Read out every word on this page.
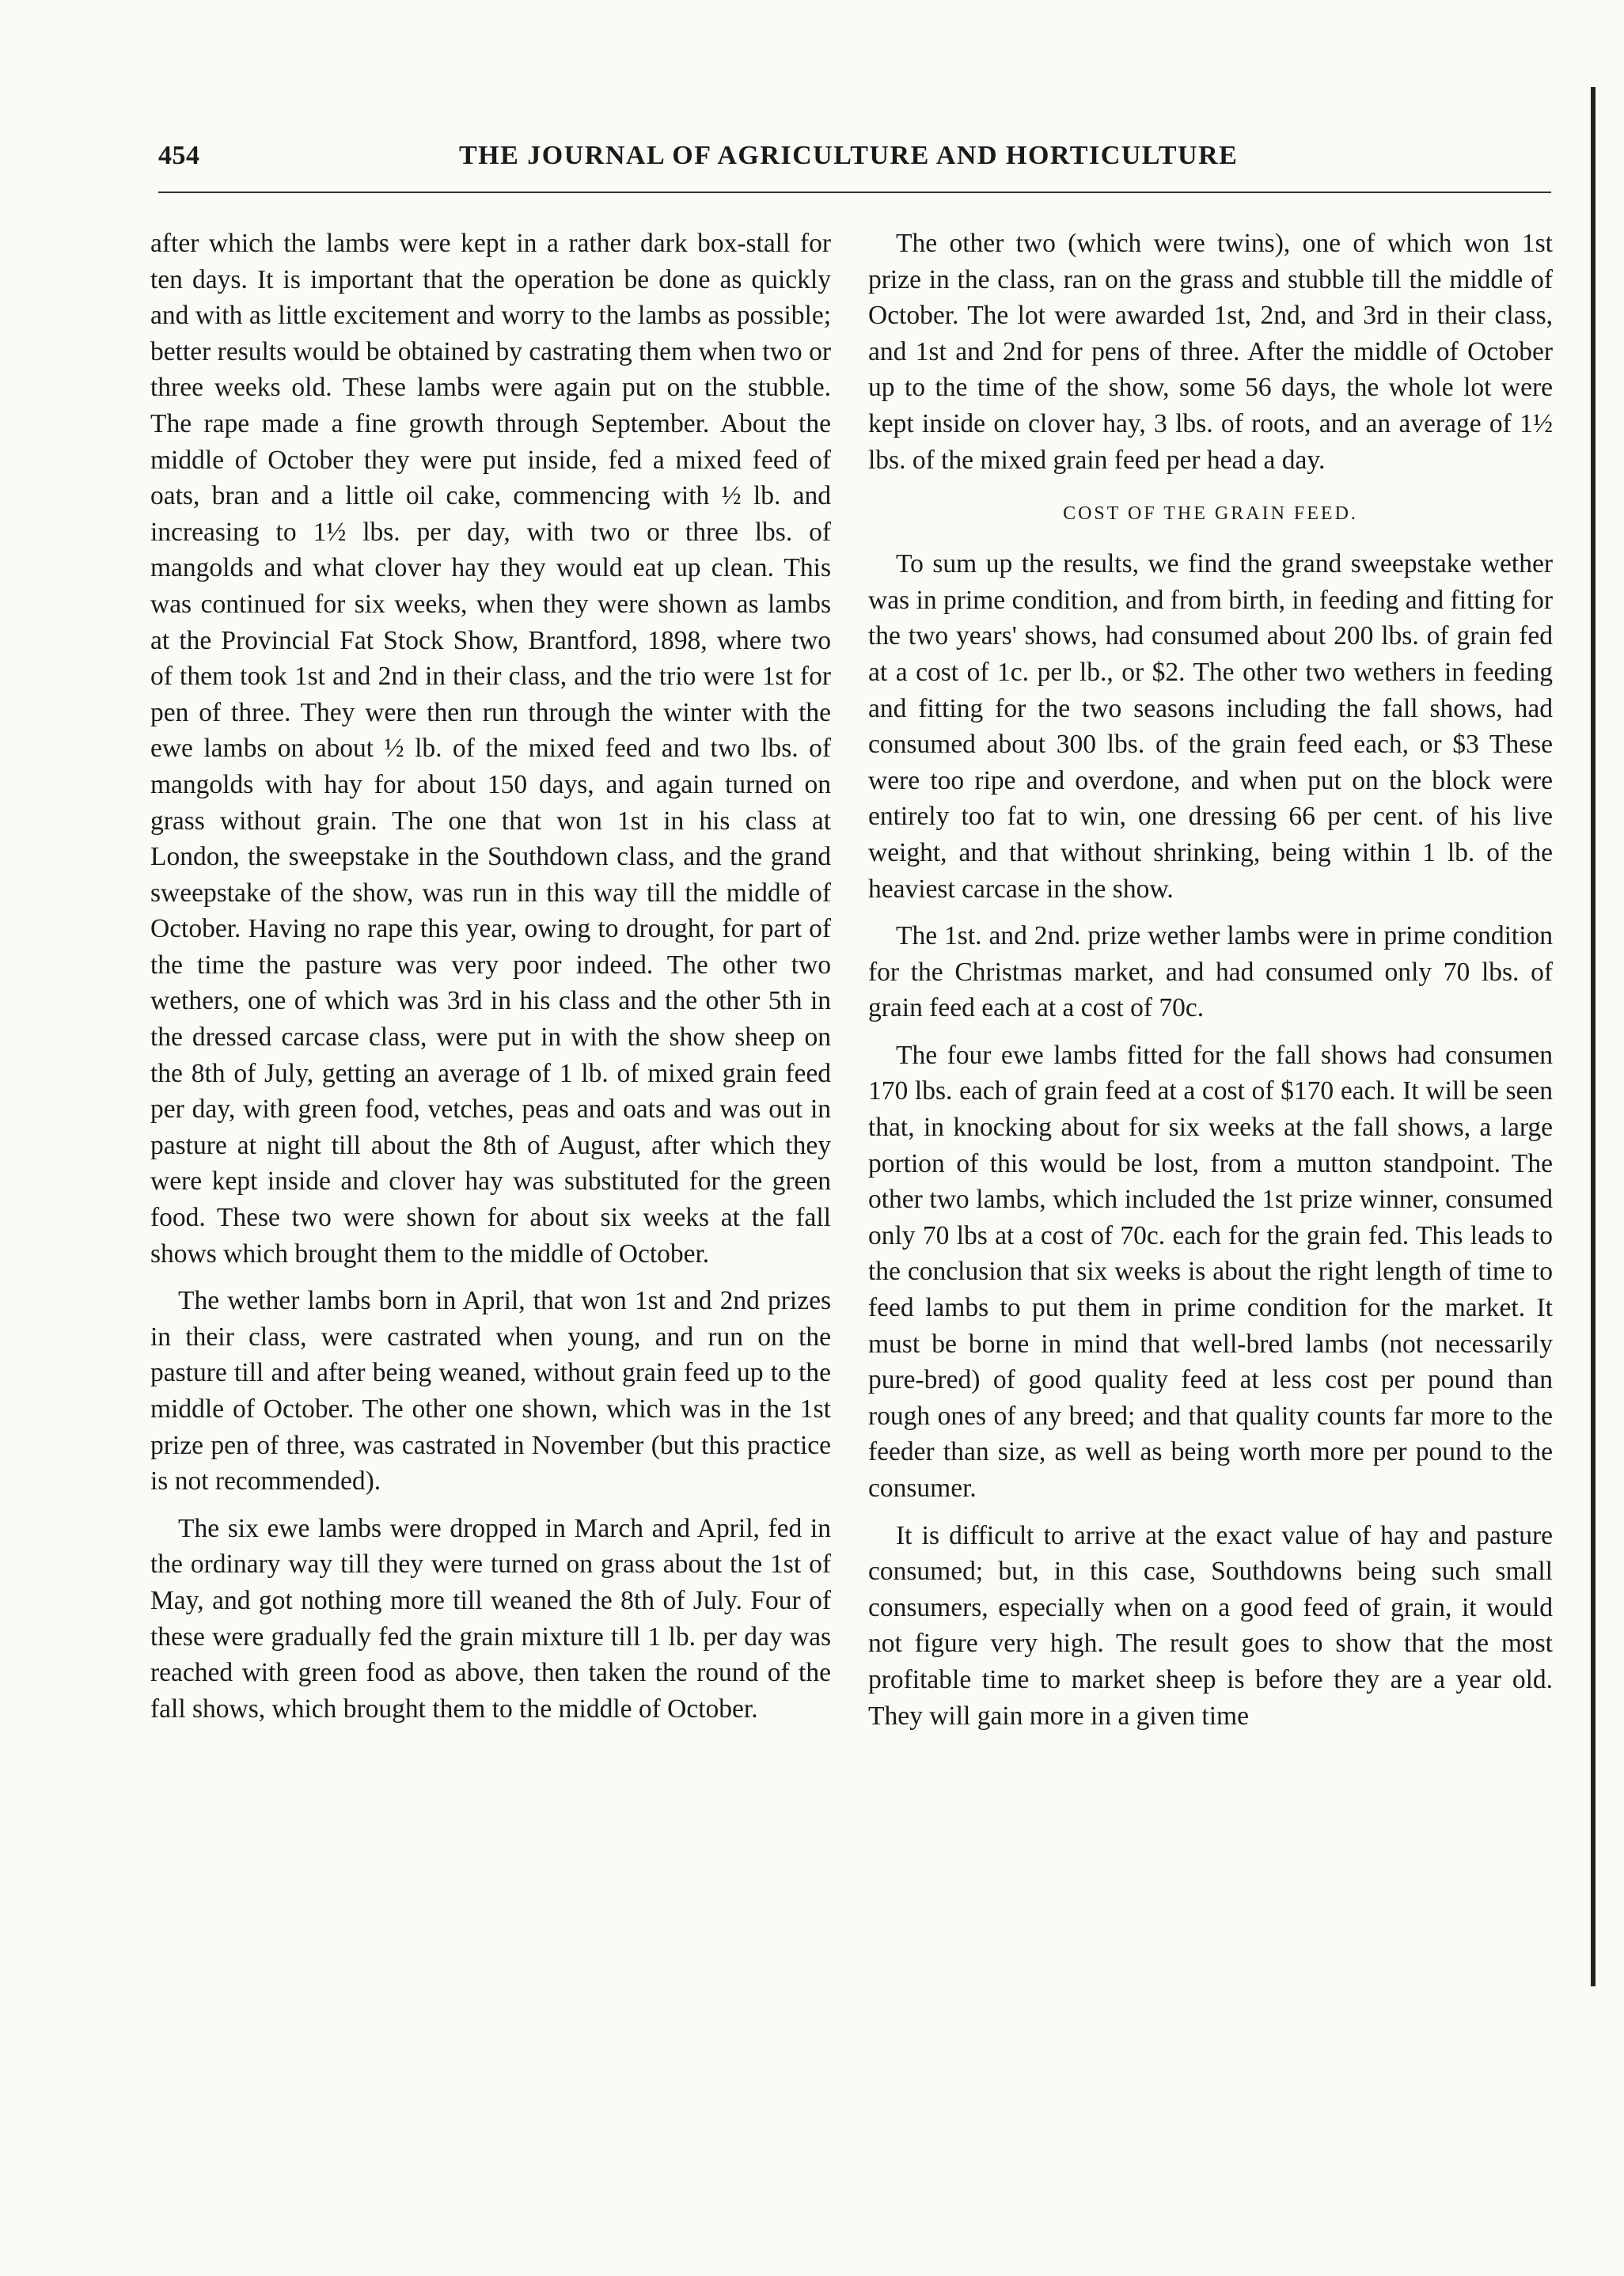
454	THE JOURNAL OF AGRICULTURE AND HORTICULTURE

after which the lambs were kept in a rather dark box-stall for ten days. It is important that the operation be done as quickly and with as little excitement and worry to the lambs as possible; better results would be obtained by castrating them when two or three weeks old. These lambs were again put on the stubble. The rape made a fine growth through September. About the middle of October they were put inside, fed a mixed feed of oats, bran and a little oil cake, commencing with ½ lb. and increasing to 1½ lbs. per day, with two or three lbs. of mangolds and what clover hay they would eat up clean. This was continued for six weeks, when they were shown as lambs at the Provincial Fat Stock Show, Brantford, 1898, where two of them took 1st and 2nd in their class, and the trio were 1st for pen of three. They were then run through the winter with the ewe lambs on about ½ lb. of the mixed feed and two lbs. of mangolds with hay for about 150 days, and again turned on grass without grain. The one that won 1st in his class at London, the sweepstake in the Southdown class, and the grand sweepstake of the show, was run in this way till the middle of October. Having no rape this year, owing to drought, for part of the time the pasture was very poor indeed. The other two wethers, one of which was 3rd in his class and the other 5th in the dressed carcase class, were put in with the show sheep on the 8th of July, getting an average of 1 lb. of mixed grain feed per day, with green food, vetches, peas and oats and was out in pasture at night till about the 8th of August, after which they were kept inside and clover hay was substituted for the green food. These two were shown for about six weeks at the fall shows which brought them to the middle of October.

The wether lambs born in April, that won 1st and 2nd prizes in their class, were castrated when young, and run on the pasture till and after being weaned, without grain feed up to the middle of October. The other one shown, which was in the 1st prize pen of three, was castrated in November (but this practice is not recommended).

The six ewe lambs were dropped in March and April, fed in the ordinary way till they were turned on grass about the 1st of May, and got nothing more till weaned the 8th of July. Four of these were gradually fed the grain mixture till 1 lb. per day was reached with green food as above, then taken the round of the fall shows, which brought them to the middle of October.

The other two (which were twins), one of which won 1st prize in the class, ran on the grass and stubble till the middle of October. The lot were awarded 1st, 2nd, and 3rd in their class, and 1st and 2nd for pens of three. After the middle of October up to the time of the show, some 56 days, the whole lot were kept inside on clover hay, 3 lbs. of roots, and an average of 1½ lbs. of the mixed grain feed per head a day.

COST OF THE GRAIN FEED.

To sum up the results, we find the grand sweepstake wether was in prime condition, and from birth, in feeding and fitting for the two years' shows, had consumed about 200 lbs. of grain fed at a cost of 1c. per lb., or $2. The other two wethers in feeding and fitting for the two seasons including the fall shows, had consumed about 300 lbs. of the grain feed each, or $3 These were too ripe and overdone, and when put on the block were entirely too fat to win, one dressing 66 per cent. of his live weight, and that without shrinking, being within 1 lb. of the heaviest carcase in the show.

The 1st. and 2nd. prize wether lambs were in prime condition for the Christmas market, and had consumed only 70 lbs. of grain feed each at a cost of 70c.

The four ewe lambs fitted for the fall shows had consumen 170 lbs. each of grain feed at a cost of $170 each. It will be seen that, in knocking about for six weeks at the fall shows, a large portion of this would be lost, from a mutton standpoint. The other two lambs, which included the 1st prize winner, consumed only 70 lbs at a cost of 70c. each for the grain fed. This leads to the conclusion that six weeks is about the right length of time to feed lambs to put them in prime condition for the market. It must be borne in mind that well-bred lambs (not necessarily pure-bred) of good quality feed at less cost per pound than rough ones of any breed; and that quality counts far more to the feeder than size, as well as being worth more per pound to the consumer.

It is difficult to arrive at the exact value of hay and pasture consumed; but, in this case, Southdowns being such small consumers, especially when on a good feed of grain, it would not figure very high. The result goes to show that the most profitable time to market sheep is before they are a year old. They will gain more in a given time
